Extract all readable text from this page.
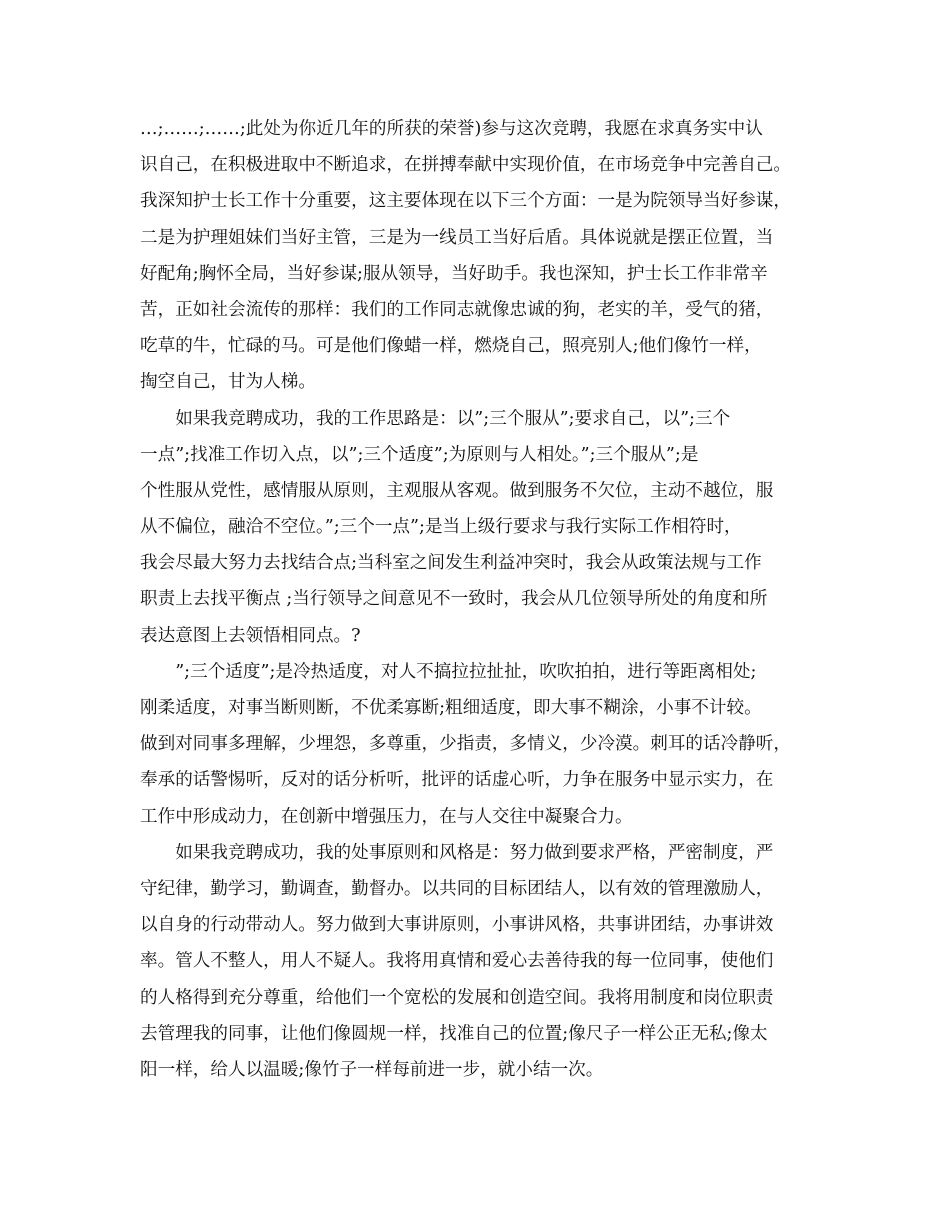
…;……;……;此处为你近几年的所获的荣誉)参与这次竞聘，我愿在求真务实中认
识自己，在积极进取中不断追求，在拼搏奉献中实现价值，在市场竞争中完善自己。
我深知护士长工作十分重要，这主要体现在以下三个方面：一是为院领导当好参谋，
二是为护理姐妹们当好主管，三是为一线员工当好后盾。具体说就是摆正位置，当
好配角;胸怀全局，当好参谋;服从领导，当好助手。我也深知，护士长工作非常辛
苦，正如社会流传的那样：我们的工作同志就像忠诚的狗，老实的羊，受气的猪，
吃草的牛，忙碌的马。可是他们像蜡一样，燃烧自己，照亮别人;他们像竹一样，
掏空自己，甘为人梯。
　　如果我竞聘成功，我的工作思路是：以”;三个服从”;要求自己，以”;三个
一点”;找准工作切入点，以”;三个适度”;为原则与人相处。”;三个服从”;是
个性服从党性，感情服从原则，主观服从客观。做到服务不欠位，主动不越位，服
从不偏位，融洽不空位。”;三个一点”;是当上级行要求与我行实际工作相符时，
我会尽最大努力去找结合点;当科室之间发生利益冲突时，我会从政策法规与工作
职责上去找平衡点 ;当行领导之间意见不一致时，我会从几位领导所处的角度和所
表达意图上去领悟相同点。?
　　”;三个适度”;是冷热适度，对人不搞拉拉扯扯，吹吹拍拍，进行等距离相处;
刚柔适度，对事当断则断，不优柔寡断;粗细适度，即大事不糊涂，小事不计较。
做到对同事多理解，少埋怨，多尊重，少指责，多情义，少冷漠。刺耳的话冷静听，
奉承的话警惕听，反对的话分析听，批评的话虚心听，力争在服务中显示实力，在
工作中形成动力，在创新中增强压力，在与人交往中凝聚合力。
　　如果我竞聘成功，我的处事原则和风格是：努力做到要求严格，严密制度，严
守纪律，勤学习，勤调查，勤督办。以共同的目标团结人，以有效的管理激励人，
以自身的行动带动人。努力做到大事讲原则，小事讲风格，共事讲团结，办事讲效
率。管人不整人，用人不疑人。我将用真情和爱心去善待我的每一位同事，使他们
的人格得到充分尊重，给他们一个宽松的发展和创造空间。我将用制度和岗位职责
去管理我的同事，让他们像圆规一样，找准自己的位置;像尺子一样公正无私;像太
阳一样，给人以温暖;像竹子一样每前进一步，就小结一次。
